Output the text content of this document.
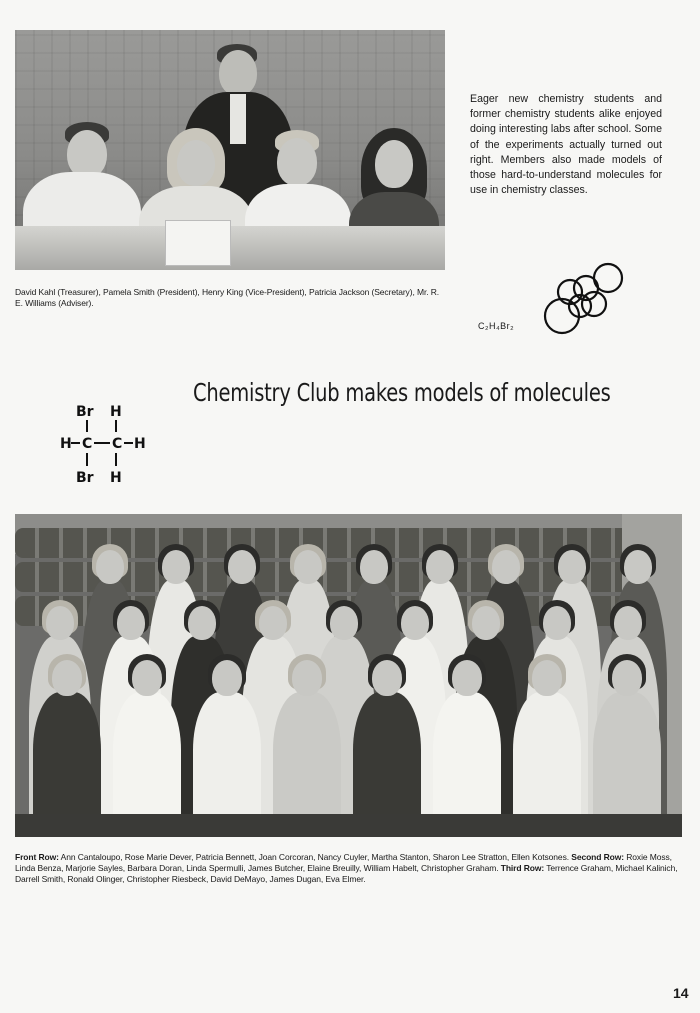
Eager new chemistry students and former chemistry students alike enjoyed doing interesting labs after school. Some of the experiments actually turned out right. Members also made models of those hard-to-understand molecules for use in chemistry classes.
David Kahl (Treasurer), Pamela Smith (President), Henry King (Vice-President), Patricia Jackson (Secretary), Mr. R. E. Williams (Adviser).
C₂H₄Br₂
Chemistry Club makes models of molecules
Br H
H C C H
Br H
Front Row: Ann Cantaloupo, Rose Marie Dever, Patricia Bennett, Joan Corcoran, Nancy Cuyler, Martha Stanton, Sharon Lee Stratton, Ellen Kotsones. Second Row: Roxie Moss, Linda Benza, Marjorie Sayles, Barbara Doran, Linda Spermulli, James Butcher, Elaine Breuilly, William Habelt, Christopher Graham. Third Row: Terrence Graham, Michael Kalinich, Darrell Smith, Ronald Olinger, Christopher Riesbeck, David DeMayo, James Dugan, Eva Elmer.
14
